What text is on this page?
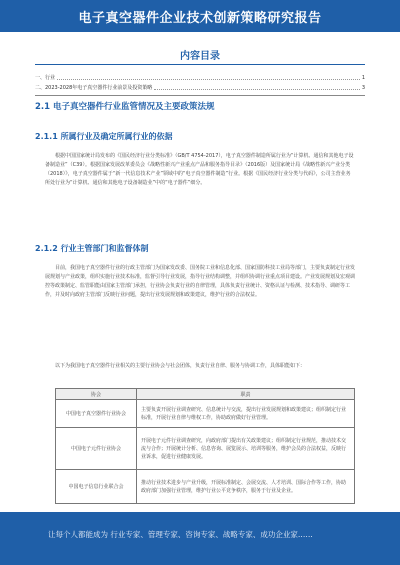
电子真空器件企业技术创新策略研究报告
内容目录
一、行业	1
二、2023-2028年电子真空器件行业前景及投资策略	3
2.1 电子真空器件行业监管情况及主要政策法规
2.1.1 所属行业及确定所属行业的依据
根据中国国家统计局发布的《国民经济行业分类标准》（GB/T 4754-2017），电子真空器件制造所属行业为“计算机、通信和其他电子设备制造业”（C39）。根据国家发展改革委员会《战略性新兴产业重点产品和服务指导目录》（2016版）及国家统计局《战略性新兴产业分类（2018）》，电子真空器件属于“新一代信息技术产业”领域中的“电子真空器件制造”行业。根据《国民经济行业分类与代码》，公司主营业务所处行业为“计算机、通信和其他电子设备制造业”中的“电子器件”细分。
2.1.2 行业主管部门和监督体制
目前，我国电子真空器件行业的行政主管部门为国家发改委、国务院工业和信息化部、国家国防科技工业局等部门，主要负责制定行业发展规划与产业政策，组织实施行业技术标准，监督引导行业发展，指导行业结构调整，并组织协调行业重点项目建设。产业发展规划及宏观调控等政策制定、监管职能由国家主管部门承担，行业协会负责行业的自律管理，具体负责行业统计、资格认证与检测、技术指导、调研等工作，并及时向政府主管部门反映行业问题，提出行业发展规划和政策建议，维护行业的合法权益。
以下为我国电子真空器件行业相关的主要行业协会与社会团体，负责行业自律、服务与协调工作，具体职能如下：
协会	职责
中国电子真空器件行业协会	主要负责开展行业调查研究、信息统计与交流，提出行业发展规划和政策建议；组织制定行业标准，开展行业自律与维权工作，协助政府做好行业管理。
中国电子元件行业协会	开展电子元件行业调查研究，向政府部门提出有关政策建议；组织制定行业规范，推动技术交流与合作；开展统计分析、信息咨询、展览展示、培训等服务，维护会员的合法权益，反映行业诉求，促进行业健康发展。
中国电子信息行业联合会	推动行业技术进步与产业升级，开展标准制定、会展交流、人才培训、国际合作等工作，协助政府部门加强行业管理，维护行业公平竞争秩序，服务于行业及企业。
让每个人都能成为 行业专家、管理专家、咨询专家、战略专家、成功企业家……
